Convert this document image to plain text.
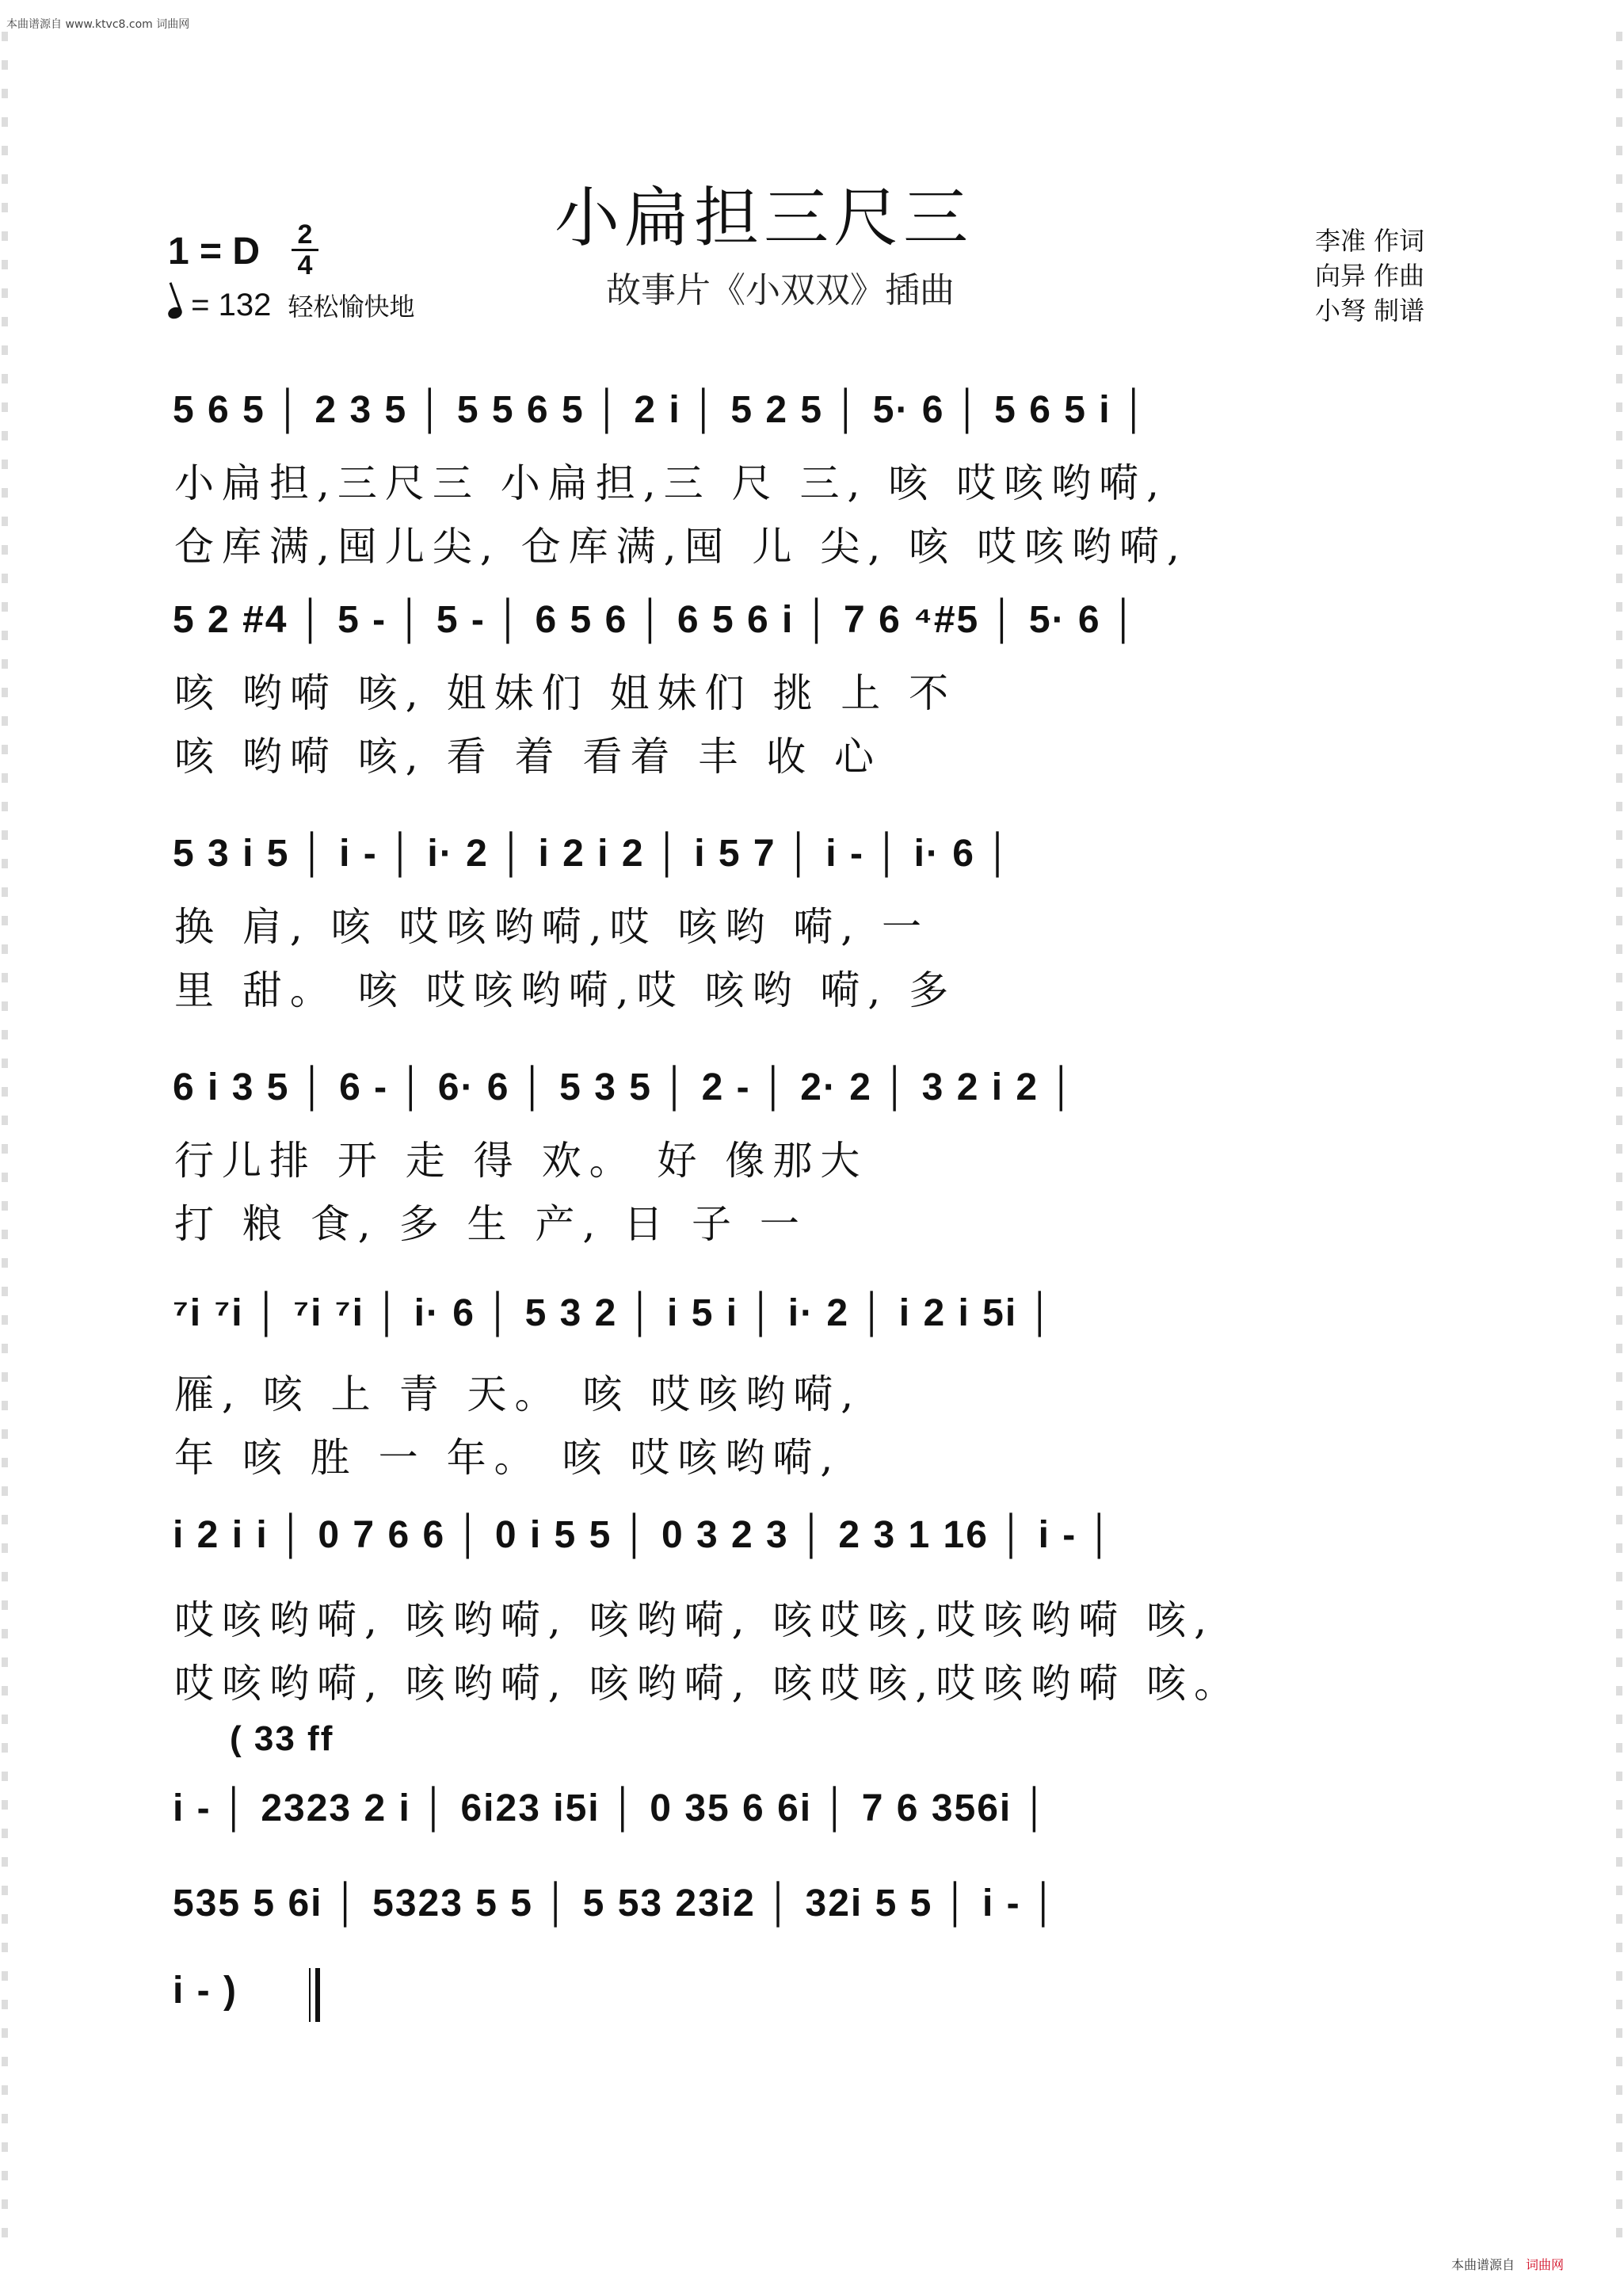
本曲谱源自 www.ktvc8.com 词曲网
小扁担三尺三
故事片《小双双》插曲
李准 作词
向异 作曲
小弩 制谱
1 = D 2
4
= 132 轻松愉快地
5 6 5 │ 2 3 5 │ 5 5 6 5 │ 2 i │ 5 2 5 │ 5· 6 │ 5 6 5 i │
小扁担,三尺三 小扁担,三 尺 三, 咳 哎咳哟嗬,
仓库满,囤儿尖, 仓库满,囤 儿 尖, 咳 哎咳哟嗬,
5 2 #4 │ 5 - │ 5 - │ 6 5 6 │ 6 5 6 i │ 7 6 ⁴#5 │ 5· 6 │
咳 哟嗬 咳, 姐妹们 姐妹们 挑 上 不
咳 哟嗬 咳, 看 着 看着 丰 收 心
5 3 i 5 │ i - │ i· 2 │ i 2 i 2 │ i 5 7 │ i - │ i· 6 │
换 肩, 咳 哎咳哟嗬,哎 咳哟 嗬, 一
里 甜。 咳 哎咳哟嗬,哎 咳哟 嗬, 多
6 i 3 5 │ 6 - │ 6· 6 │ 5 3 5 │ 2 - │ 2· 2 │ 3 2 i 2 │
行儿排 开 走 得 欢。 好 像那大
打 粮 食, 多 生 产, 日 子 一
⁷i ⁷i │ ⁷i ⁷i │ i· 6 │ 5 3 2 │ i 5 i │ i· 2 │ i 2 i 5i │
雁, 咳 上 青 天。 咳 哎咳哟嗬,
年 咳 胜 一 年。 咳 哎咳哟嗬,
i 2 i i │ 0 7 6 6 │ 0 i 5 5 │ 0 3 2 3 │ 2 3 1 16 │ i - │
哎咳哟嗬, 咳哟嗬, 咳哟嗬, 咳哎咳,哎咳哟嗬 咳,
哎咳哟嗬, 咳哟嗬, 咳哟嗬, 咳哎咳,哎咳哟嗬 咳。
( 33 ff
i - │ 2323 2 i │ 6i23 i5i │ 0 35 6 6i │ 7 6 356i │
535 5 6i │ 5323 5 5 │ 5 53 23i2 │ 32i 5 5 │ i - │
i - )
本曲谱源自 词曲网
